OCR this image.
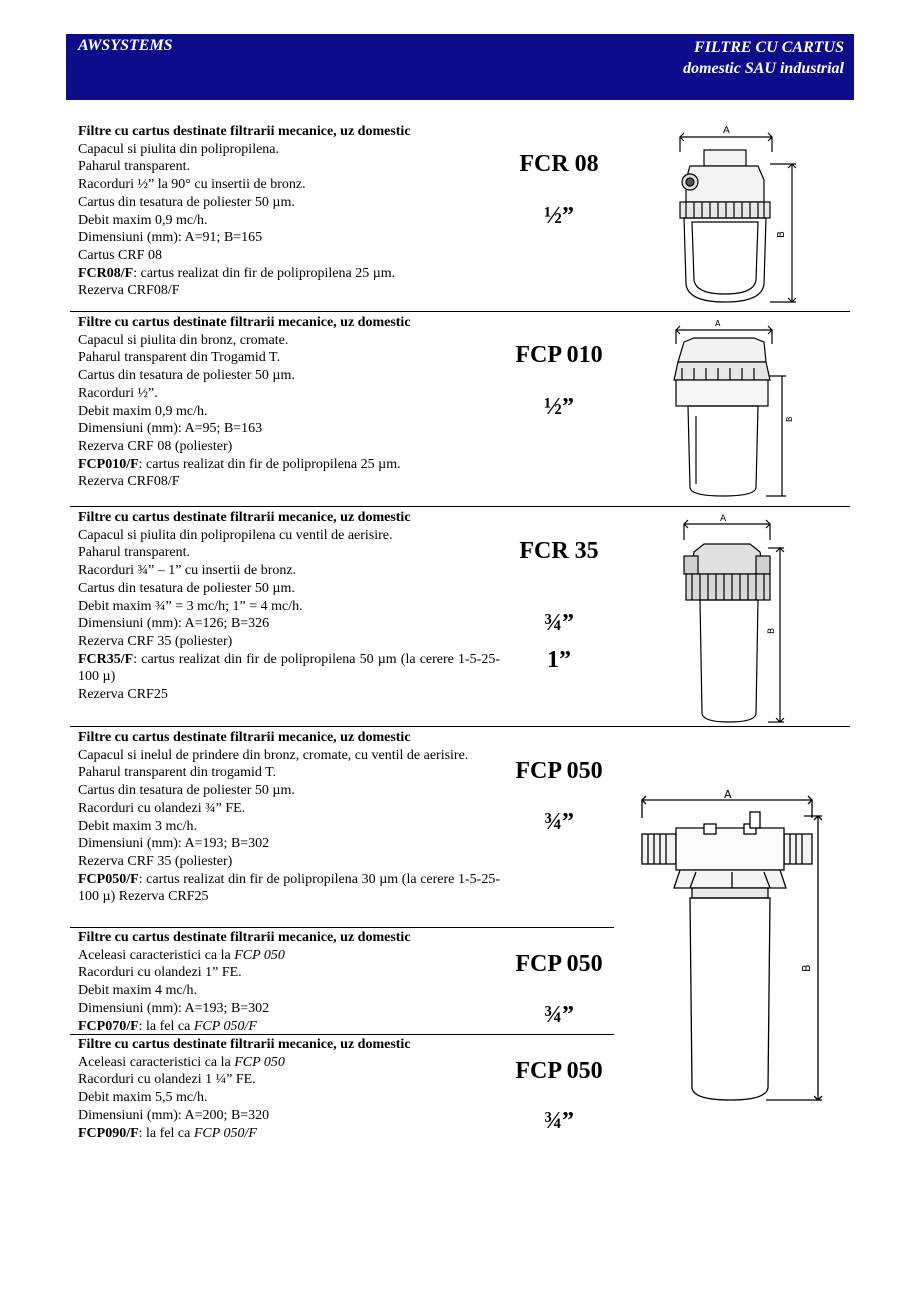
AWSYSTEMS	FILTRE CU CARTUS
domestic SAU industrial

Filtre cu cartus destinate filtrarii mecanice, uz domestic

Capacul si piulita din polipropilena.

Paharul transparent.

Racorduri ½” la 90° cu insertii de bronz.

Cartus din tesatura de poliester 50 µm.

Debit maxim 0,9 mc/h.

Dimensiuni (mm): A=91; B=165

Cartus CRF 08

FCR08/F: cartus realizat din fir de polipropilena 25 µm.

Rezerva CRF08/F

FCR 08
½”
A
B

Filtre cu cartus destinate filtrarii mecanice, uz domestic

Capacul si piulita din bronz, cromate.

Paharul transparent din Trogamid T.

Cartus din tesatura de poliester 50 µm.

Racorduri ½”.

Debit maxim 0,9 mc/h.

Dimensiuni (mm): A=95; B=163

Rezerva CRF 08 (poliester)

FCP010/F: cartus realizat din fir de polipropilena 25 µm.

Rezerva CRF08/F

FCP 010
½”
A
B

Filtre cu cartus destinate filtrarii mecanice, uz domestic

Capacul si piulita din polipropilena cu ventil de aerisire.

Paharul transparent.

Racorduri ¾” – 1” cu insertii de bronz.

Cartus din tesatura de poliester 50 µm.

Debit maxim ¾” = 3 mc/h; 1” = 4 mc/h.

Dimensiuni (mm): A=126; B=326

Rezerva CRF 35 (poliester)

FCR35/F: cartus realizat din fir de polipropilena 50 µm (la cerere 1-5-25-100 µ)

Rezerva CRF25

FCR 35
¾”
1”
A
B

Filtre cu cartus destinate filtrarii mecanice, uz domestic

Capacul si inelul de prindere din bronz, cromate, cu ventil de aerisire.

Paharul transparent din trogamid T.

Cartus din tesatura de poliester 50 µm.

Racorduri cu olandezi ¾” FE.

Debit maxim 3 mc/h.

Dimensiuni (mm): A=193; B=302

Rezerva CRF 35 (poliester)

FCP050/F: cartus realizat din fir de polipropilena 30 µm (la cerere 1-5-25-100 µ) Rezerva CRF25

FCP 050
¾”

Filtre cu cartus destinate filtrarii mecanice, uz domestic

Aceleasi caracteristici ca la FCP 050

Racorduri cu olandezi 1” FE.

Debit maxim 4 mc/h.

Dimensiuni (mm): A=193; B=302

FCP070/F: la fel ca FCP 050/F

FCP 050
¾”

Filtre cu cartus destinate filtrarii mecanice, uz domestic

Aceleasi caracteristici ca la FCP 050

Racorduri cu olandezi 1 ¼” FE.

Debit maxim 5,5 mc/h.

Dimensiuni (mm): A=200; B=320

FCP090/F: la fel ca FCP 050/F

FCP 050
¾”
A
B
